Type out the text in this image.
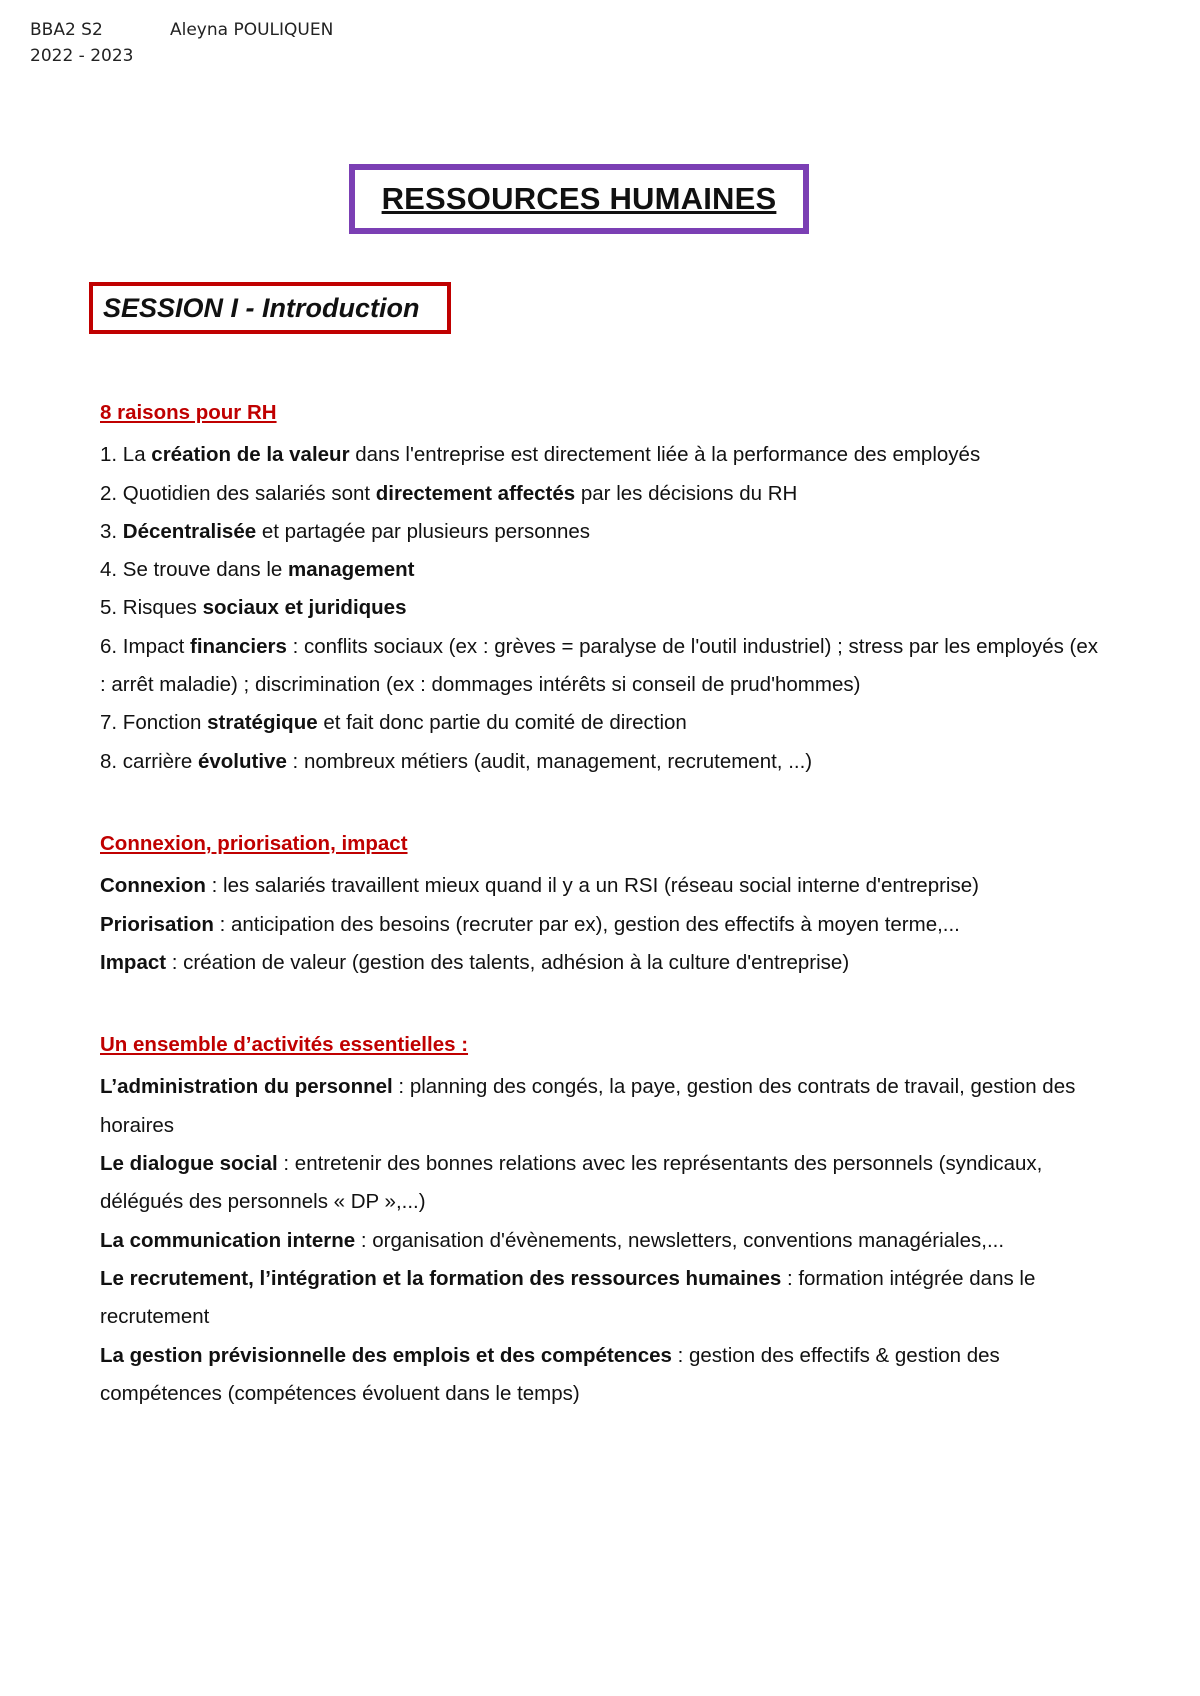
BBA2 S2	Aleyna POULIQUEN
2022 - 2023
RESSOURCES HUMAINES
SESSION I - Introduction

8 raisons pour RH

1. La création de la valeur dans l'entreprise est directement liée à la performance des employés

2. Quotidien des salariés sont directement affectés par les décisions du RH

3. Décentralisée et partagée par plusieurs personnes

4. Se trouve dans le management

5. Risques sociaux et juridiques

6. Impact financiers : conflits sociaux (ex : grèves = paralyse de l'outil industriel) ; stress par les employés (ex : arrêt maladie) ; discrimination (ex : dommages intérêts si conseil de prud'hommes)

7. Fonction stratégique et fait donc partie du comité de direction

8. carrière évolutive : nombreux métiers (audit, management, recrutement, ...)

Connexion, priorisation, impact

Connexion : les salariés travaillent mieux quand il y a un RSI (réseau social interne d'entreprise)

Priorisation : anticipation des besoins (recruter par ex), gestion des effectifs à moyen terme,...

Impact : création de valeur (gestion des talents, adhésion à la culture d'entreprise)

Un ensemble d’activités essentielles :

L’administration du personnel : planning des congés, la paye, gestion des contrats de travail, gestion des horaires

Le dialogue social : entretenir des bonnes relations avec les représentants des personnels (syndicaux, délégués des personnels « DP »,...)

La communication interne : organisation d'évènements, newsletters, conventions managériales,...

Le recrutement, l’intégration et la formation des ressources humaines : formation intégrée dans le recrutement

La gestion prévisionnelle des emplois et des compétences : gestion des effectifs & gestion des compétences (compétences évoluent dans le temps)
